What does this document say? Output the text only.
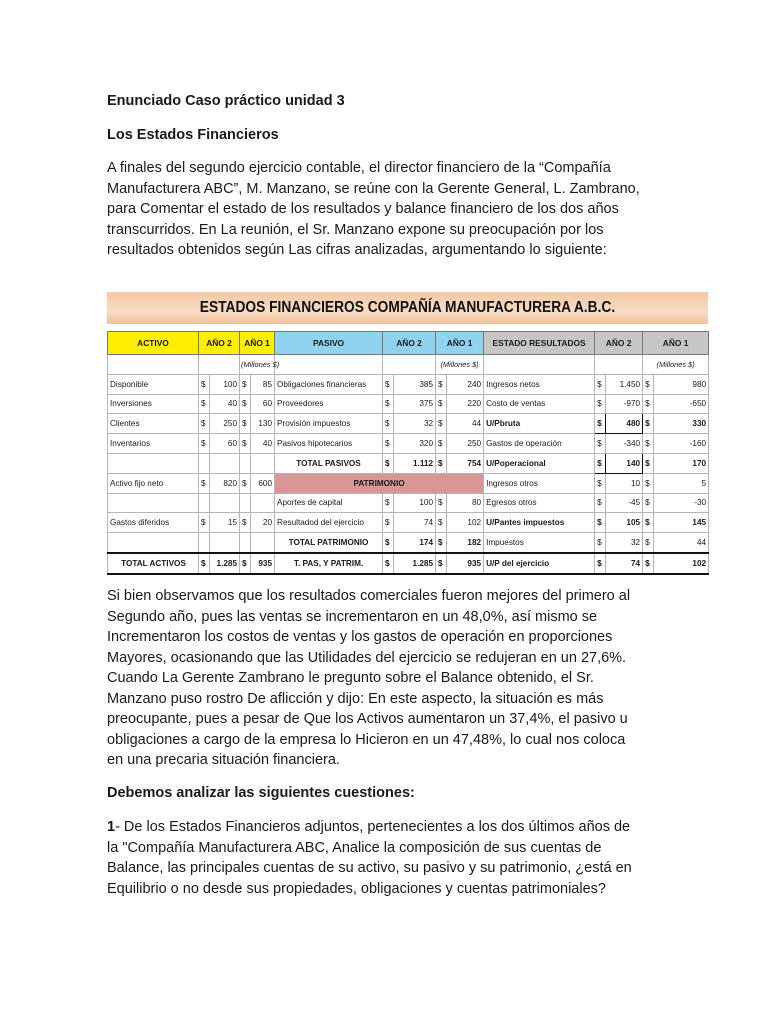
Enunciado Caso práctico unidad 3
Los Estados Financieros
A finales del segundo ejercicio contable, el director financiero de la “Compañía
Manufacturera ABC”, M. Manzano, se reúne con la Gerente General, L. Zambrano,
para Comentar el estado de los resultados y balance financiero de los dos años
transcurridos. En La reunión, el Sr. Manzano expone su preocupación por los
resultados obtenidos según Las cifras analizadas, argumentando lo siguiente:
Si bien observamos que los resultados comerciales fueron mejores del primero al
Segundo año, pues las ventas se incrementaron en un 48,0%, así mismo se
Incrementaron los costos de ventas y los gastos de operación en proporciones
Mayores, ocasionando que las Utilidades del ejercicio se redujeran en un 27,6%.
Cuando La Gerente Zambrano le pregunto sobre el Balance obtenido, el Sr.
Manzano puso rostro De aflicción y dijo: En este aspecto, la situación es más
preocupante, pues a pesar de Que los Activos aumentaron un 37,4%, el pasivo u
obligaciones a cargo de la empresa lo Hicieron en un 47,48%, lo cual nos coloca
en una precaria situación financiera.
Debemos analizar las siguientes cuestiones:
1- De los Estados Financieros adjuntos, pertenecientes a los dos últimos años de
la "Compañía Manufacturera ABC, Analice la composición de sus cuentas de
Balance, las principales cuentas de su activo, su pasivo y su patrimonio, ¿está en
Equilibrio o no desde sus propiedades, obligaciones y cuentas patrimoniales?
ESTADOS FINANCIEROS COMPAÑÍA MANUFACTURERA A.B.C.
ACTIVO	AÑO 2		AÑO 1		PASIVO	AÑO 2		AÑO 1		ESTADO RESULTADOS	AÑO 2		AÑO 1	
			(Millones $)					(Millones $)					(Millones $)	
Disponible	$	100	$	85	Obligaciones financieras	$	385	$	240	Ingresos netos	$	1.450	$	980
Inversiones	$	40	$	60	Proveedores	$	375	$	220	Costo de ventas	$	-970	$	-650
Clientes	$	250	$	130	Provisión impuestos	$	32	$	44	U/Pbruta	$	480	$	330
Inventarios	$	60	$	40	Pasivos hipotecarios	$	320	$	250	Gastos de operación	$	-340	$	-160
					TOTAL PASIVOS	$	1.112	$	754	U/Poperacional	$	140	$	170
Activo fijo neto	$	820	$	600	PATRIMONIO					Ingresos otros	$	10	$	5
					Aportes de capital	$	100	$	80	Egresos otros	$	-45	$	-30
Gastos diferidos	$	15	$	20	Resultadod del ejercicio	$	74	$	102	U/Pantes impuestos	$	105	$	145
					TOTAL PATRIMONIO	$	174	$	182	Impuestos	$	32	$	44
TOTAL ACTIVOS	$	1.285	$	935	T. PAS, Y PATRIM.	$	1.285	$	935	U/P del ejercicio	$	74	$	102
